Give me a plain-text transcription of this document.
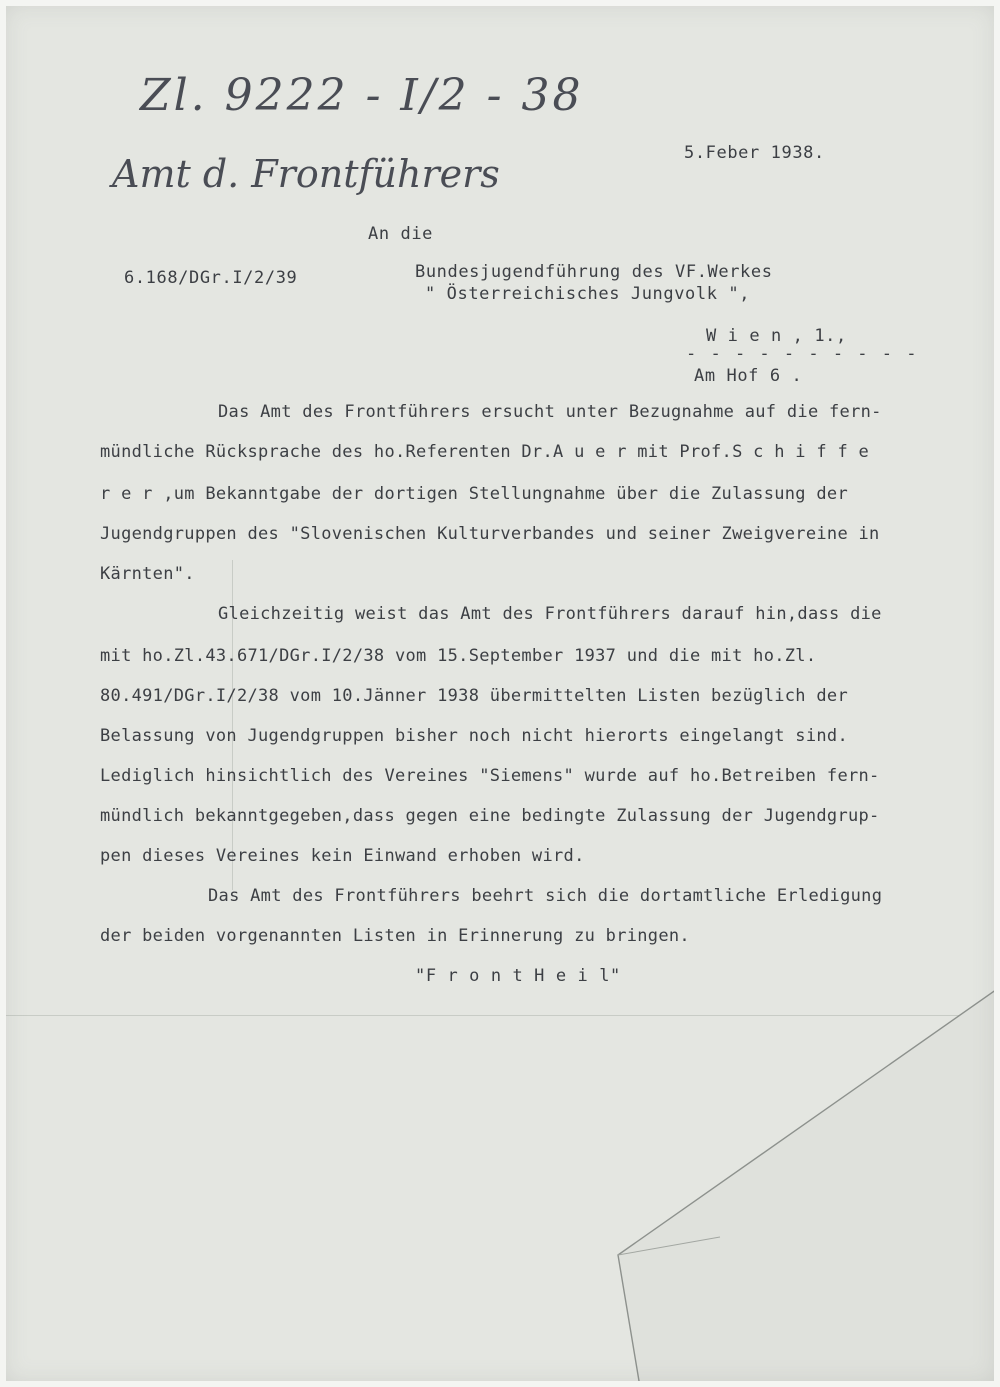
Zl. 9222 - I/2 - 38
Amt d. Frontführers	5.Feber 1938.
An die
6.168/DGr.I/2/39	Bundesjugendführung des VF.Werkes
" Österreichisches Jungvolk ",
W i e n , 1.,
- - - - - - - - - -
Am Hof 6 .
Das Amt des Frontführers ersucht unter Bezugnahme auf die fern-
mündliche Rücksprache des ho.Referenten Dr.A u e r mit Prof.S c h i f f e
r e r ,um Bekanntgabe der dortigen Stellungnahme über die Zulassung der
Jugendgruppen des "Slovenischen Kulturverbandes und seiner Zweigvereine in
Kärnten".
Gleichzeitig weist das Amt des Frontführers darauf hin,dass die
mit ho.Zl.43.671/DGr.I/2/38 vom 15.September 1937 und die mit ho.Zl.
80.491/DGr.I/2/38 vom 10.Jänner 1938 übermittelten Listen bezüglich der
Belassung von Jugendgruppen bisher noch nicht hierorts eingelangt sind.
Lediglich hinsichtlich des Vereines "Siemens" wurde auf ho.Betreiben fern-
mündlich bekanntgegeben,dass gegen eine bedingte Zulassung der Jugendgrup-
pen dieses Vereines kein Einwand erhoben wird.
Das Amt des Frontführers beehrt sich die dortamtliche Erledigung
der beiden vorgenannten Listen in Erinnerung zu bringen.
"F r o n t H e i l"
